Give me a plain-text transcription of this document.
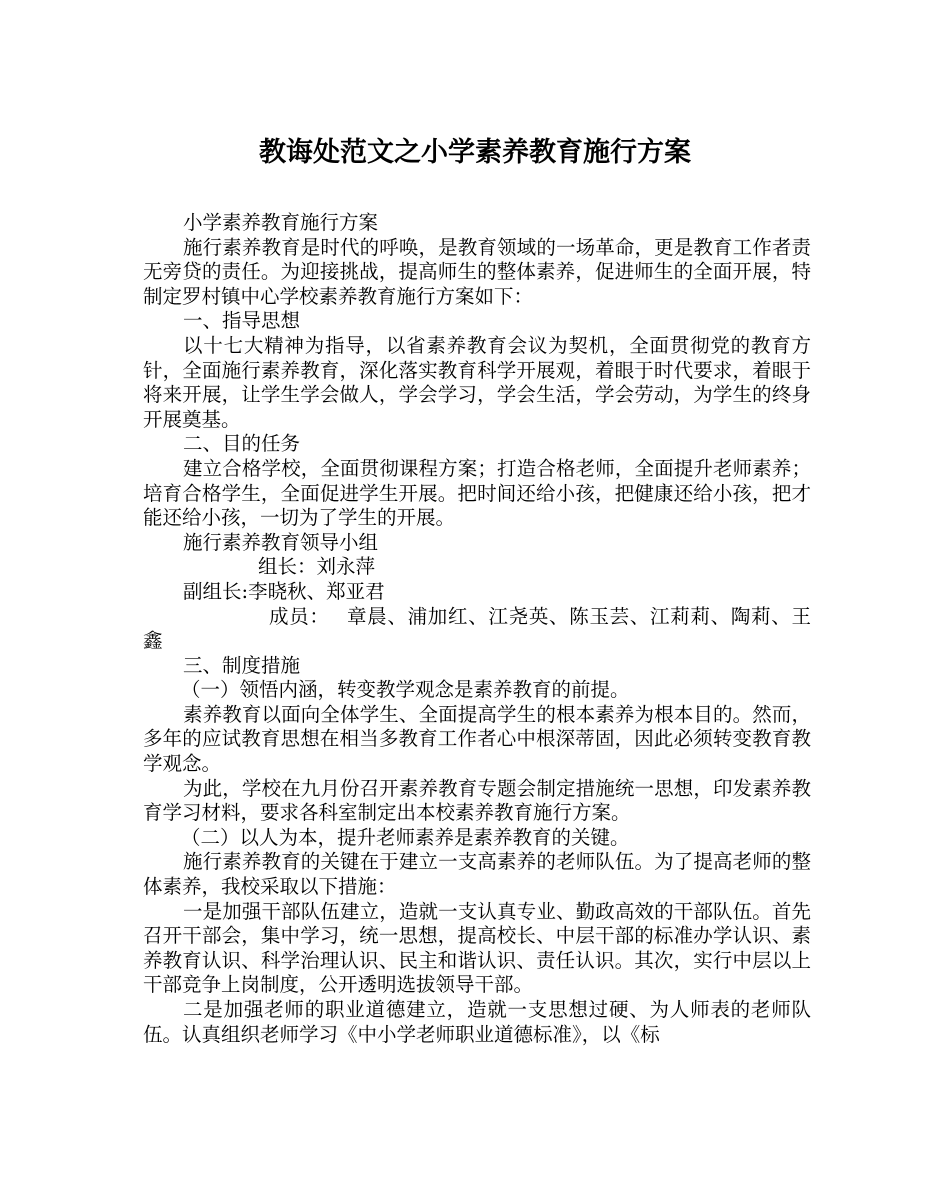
教诲处范文之小学素养教育施行方案

小学素养教育施行方案

施行素养教育是时代的呼唤，是教育领域的一场革命，更是教育工作者责无旁贷的责任。为迎接挑战，提高师生的整体素养，促进师生的全面开展，特制定罗村镇中心学校素养教育施行方案如下：

一、指导思想

以十七大精神为指导，以省素养教育会议为契机，全面贯彻党的教育方针，全面施行素养教育，深化落实教育科学开展观，着眼于时代要求，着眼于将来开展，让学生学会做人，学会学习，学会生活，学会劳动，为学生的终身开展奠基。

二、目的任务

建立合格学校，全面贯彻课程方案；打造合格老师，全面提升老师素养；培育合格学生，全面促进学生开展。把时间还给小孩，把健康还给小孩，把才能还给小孩，一切为了学生的开展。

施行素养教育领导小组

组长：刘永萍

副组长:李晓秋、郑亚君

成员：　 章晨、浦加红、江尧英、陈玉芸、江莉莉、陶莉、王鑫

三、制度措施

（一）领悟内涵，转变教学观念是素养教育的前提。

素养教育以面向全体学生、全面提高学生的根本素养为根本目的。然而，多年的应试教育思想在相当多教育工作者心中根深蒂固，因此必须转变教育教学观念。

为此，学校在九月份召开素养教育专题会制定措施统一思想，印发素养教育学习材料，要求各科室制定出本校素养教育施行方案。

（二）以人为本，提升老师素养是素养教育的关键。

施行素养教育的关键在于建立一支高素养的老师队伍。为了提高老师的整体素养，我校采取以下措施：

一是加强干部队伍建立，造就一支认真专业、勤政高效的干部队伍。首先召开干部会，集中学习，统一思想，提高校长、中层干部的标准办学认识、素养教育认识、科学治理认识、民主和谐认识、责任认识。其次，实行中层以上干部竞争上岗制度，公开透明选拔领导干部。

二是加强老师的职业道德建立，造就一支思想过硬、为人师表的老师队伍。认真组织老师学习《中小学老师职业道德标准》，以《标
